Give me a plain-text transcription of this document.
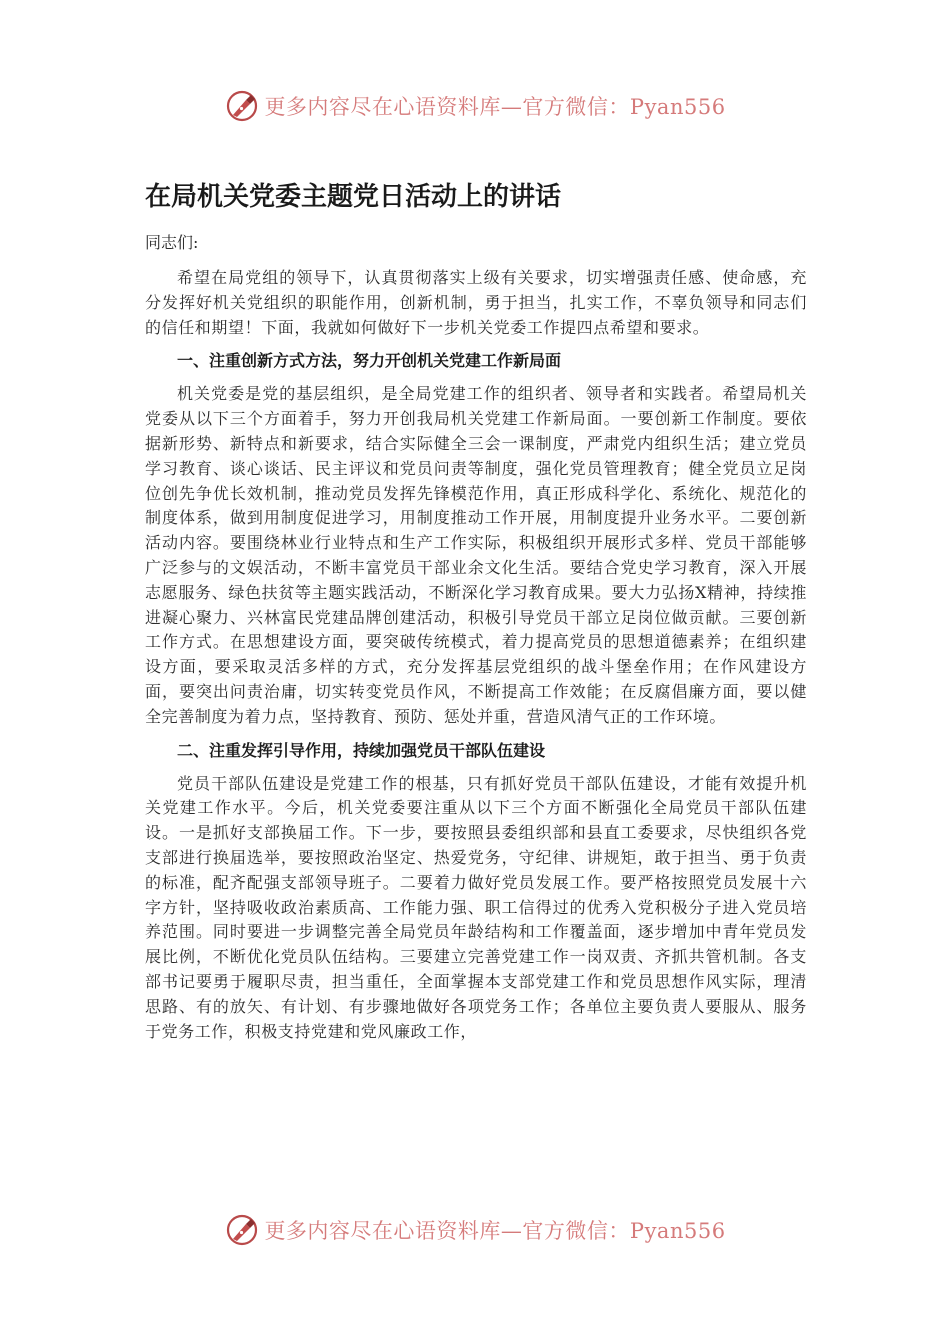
更多内容尽在心语资料库—官方微信：Pyan556
在局机关党委主题党日活动上的讲话
同志们:

希望在局党组的领导下，认真贯彻落实上级有关要求，切实增强责任感、使命感，充分发挥好机关党组织的职能作用，创新机制，勇于担当，扎实工作，不辜负领导和同志们的信任和期望！下面，我就如何做好下一步机关党委工作提四点希望和要求。

一、注重创新方式方法，努力开创机关党建工作新局面

机关党委是党的基层组织，是全局党建工作的组织者、领导者和实践者。希望局机关党委从以下三个方面着手，努力开创我局机关党建工作新局面。一要创新工作制度。要依据新形势、新特点和新要求，结合实际健全三会一课制度，严肃党内组织生活；建立党员学习教育、谈心谈话、民主评议和党员问责等制度，强化党员管理教育；健全党员立足岗位创先争优长效机制，推动党员发挥先锋模范作用，真正形成科学化、系统化、规范化的制度体系，做到用制度促进学习，用制度推动工作开展，用制度提升业务水平。二要创新活动内容。要围绕林业行业特点和生产工作实际，积极组织开展形式多样、党员干部能够广泛参与的文娱活动，不断丰富党员干部业余文化生活。要结合党史学习教育，深入开展志愿服务、绿色扶贫等主题实践活动，不断深化学习教育成果。要大力弘扬X精神，持续推进凝心聚力、兴林富民党建品牌创建活动，积极引导党员干部立足岗位做贡献。三要创新工作方式。在思想建设方面，要突破传统模式，着力提高党员的思想道德素养；在组织建设方面，要采取灵活多样的方式，充分发挥基层党组织的战斗堡垒作用；在作风建设方面，要突出问责治庸，切实转变党员作风，不断提高工作效能；在反腐倡廉方面，要以健全完善制度为着力点，坚持教育、预防、惩处并重，营造风清气正的工作环境。

二、注重发挥引导作用，持续加强党员干部队伍建设

党员干部队伍建设是党建工作的根基，只有抓好党员干部队伍建设，才能有效提升机关党建工作水平。今后，机关党委要注重从以下三个方面不断强化全局党员干部队伍建设。一是抓好支部换届工作。下一步，要按照县委组织部和县直工委要求，尽快组织各党支部进行换届选举，要按照政治坚定、热爱党务，守纪律、讲规矩，敢于担当、勇于负责的标准，配齐配强支部领导班子。二要着力做好党员发展工作。要严格按照党员发展十六字方针，坚持吸收政治素质高、工作能力强、职工信得过的优秀入党积极分子进入党员培养范围。同时要进一步调整完善全局党员年龄结构和工作覆盖面，逐步增加中青年党员发展比例，不断优化党员队伍结构。三要建立完善党建工作一岗双责、齐抓共管机制。各支部书记要勇于履职尽责，担当重任，全面掌握本支部党建工作和党员思想作风实际，理清思路、有的放矢、有计划、有步骤地做好各项党务工作；各单位主要负责人要服从、服务于党务工作，积极支持党建和党风廉政工作，

更多内容尽在心语资料库—官方微信：Pyan556
